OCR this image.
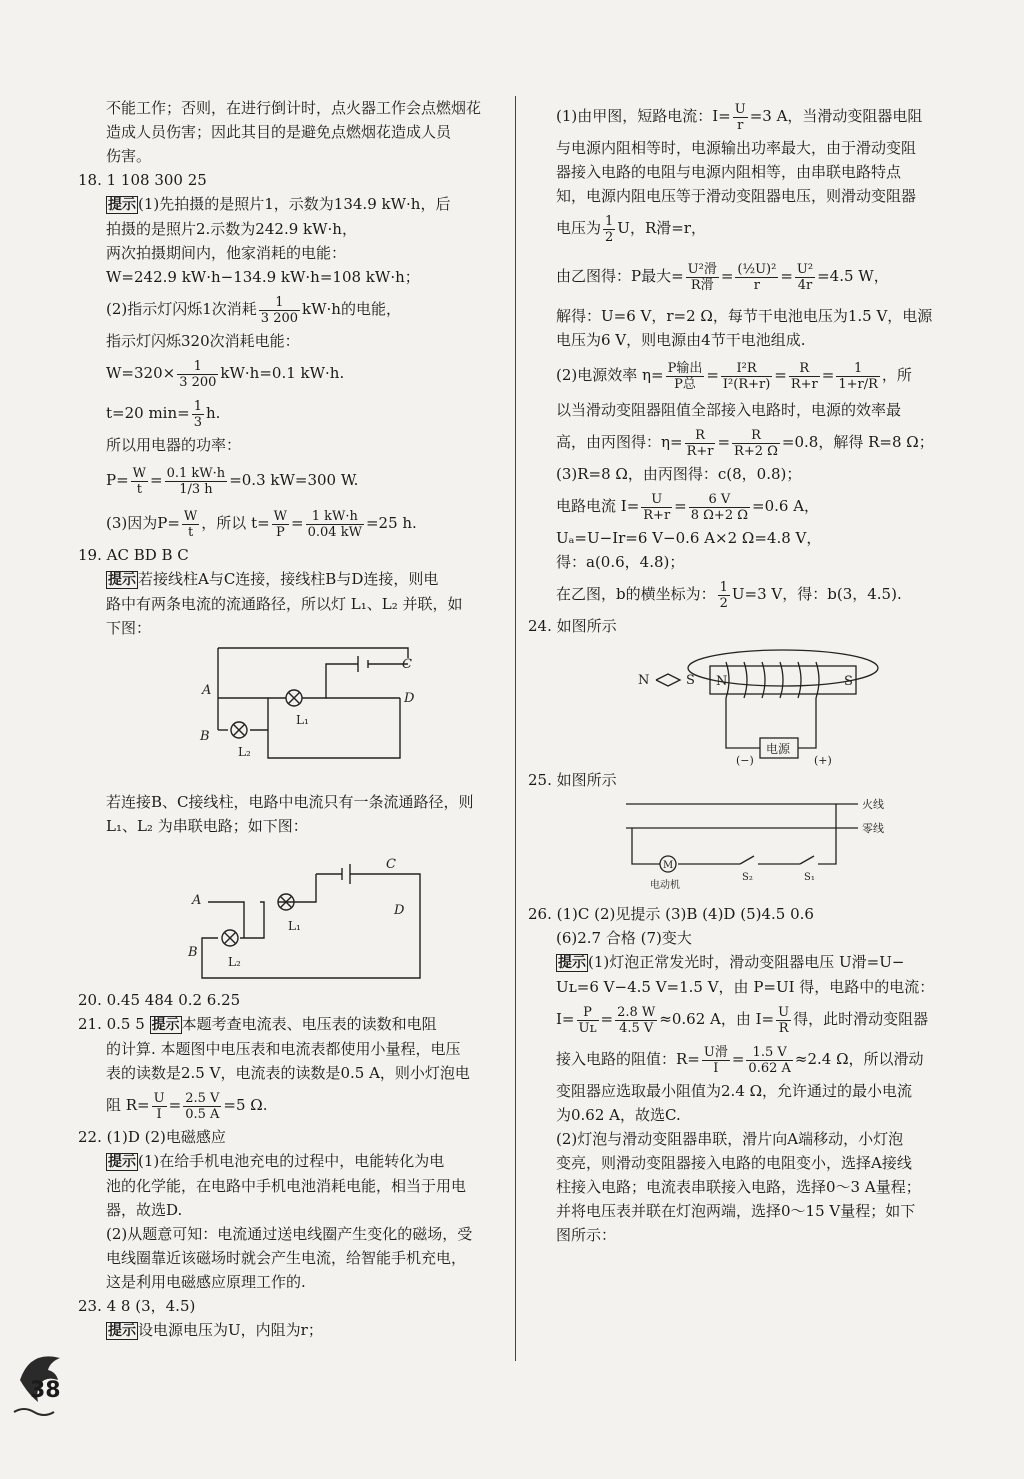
不能工作；否则，在进行倒计时，点火器工作会点燃烟花
造成人员伤害；因此其目的是避免点燃烟花造成人员
伤害。
18. 1 108 300 25
提示 (1)先拍摄的是照片1，示数为134.9 kW·h，后
拍摄的是照片2.示数为242.9 kW·h，
两次拍摄期间内，他家消耗的电能：
W=242.9 kW·h−134.9 kW·h=108 kW·h；
(2)指示灯闪烁1次消耗 $\frac{1}{3 200} kW\cdot h$的电能，
指示灯闪烁320次消耗电能：
$W=320\times \frac{1}{3 200} kW\cdot h=0.1$ kW·h.
t=20 $\min= \frac{1}{3} h$.
所以用电器的功率：
$P= \frac{W}{t} = \frac{0.1 kW\cdot h}{1/3 h} =0.3$ kW=300 W.
(3)因为$P= \frac{W}{t}$ ，所以 $t= \frac{W}{P} = \frac{1 kW\cdot h}{0.04 kW} =25$ h.
19. AC BD B C
提示 若接线柱A与C连接，接线柱B与D连接，则电
路中有两条电流的流通路径，所以灯 L₁、L₂ 并联，如
下图：
A
B
C
D
L₁
L₂
若连接B、C接线柱，电路中电流只有一条流通路径，则
L₁、L₂ 为串联电路；如下图：
A
B
C
D
L₁
L₂
20. 0.45 484 0.2 6.25
21. 0.5 5 提示 本题考查电流表、电压表的读数和电阻
的计算. 本题图中电压表和电流表都使用小量程，电压
表的读数是2.5 V，电流表的读数是0.5 A，则小灯泡电
阻 $R= \frac{U}{I} = \frac{2.5 V}{0.5 A} =5$ Ω.
22. (1)D (2)电磁感应
提示 (1)在给手机电池充电的过程中，电能转化为电
池的化学能，在电路中手机电池消耗电能，相当于用电
器，故选D.
(2)从题意可知：电流通过送电线圈产生变化的磁场，受
电线圈靠近该磁场时就会产生电流，给智能手机充电，
这是利用电磁感应原理工作的.
23. 4 8 (3，4.5)
提示 设电源电压为U，内阻为r；
(1)由甲图，短路电流：$I= \frac{U}{r} =3$ A，当滑动变阻器电阻
与电源内阻相等时，电源输出功率最大，由于滑动变阻
器接入电路的电阻与电源内阻相等，由串联电路特点
知，电源内阻电压等于滑动变阻器电压，则滑动变阻器
电压为 $\frac{1}{2}$ U，R滑=r，
由乙图得：P最大= U²滑
R滑 = $\frac{\text{(½U)²}}{r} = \frac{\text{U²}}{4r} =4.5$ W，
解得：U=6 V，r=2 Ω，每节干电池电压为1.5 V，电源
电压为6 V，则电源由4节干电池组成.
(2)电源效率 η= P输出
P总 = $\frac{\text{I²R}}{\text{I²(R+r)}} = \frac{R}{R+r} = \frac{1}{1+r/R}$ ，所
以当滑动变阻器阻值全部接入电路时，电源的效率最
高，由丙图得：$\eta= \frac{R}{R+r} = \frac{R}{R+2 \Omega} =0.8$，解得 R=8 Ω；
(3)R=8 Ω，由丙图得：c(8，0.8)；
电路电流 $I= \frac{U}{R+r} = \frac{6 V}{8 \Omega+2 \Omega} =0.6$ A，
Uₐ=U−Ir=6 V−0.6 A×2 Ω=4.8 V，
得：a(0.6，4.8)；
在乙图，b的横坐标为： $\frac{1}{2} U=3$ V，得：b(3，4.5).
24. 如图所示
N	S N	S
电源
(−)	(+)
25. 如图所示
火线
零线
M
电动机
S₁
S₂
26. (1)C (2)见提示 (3)B (4)D (5)4.5 0.6
(6)2.7 合格 (7)变大
提示 (1)灯泡正常发光时，滑动变阻器电压 U滑=U−
Uʟ=6 V−4.5 V=1.5 V，由 P=UI 得，电路中的电流：
$I= \frac{P}{\text{Uʟ}} = \frac{2.8 W}{4.5 V} \approx 0.62$ A，由 $I= \frac{U}{R}$ 得，此时滑动变阻器
接入电路的阻值：R= U滑
$I = \frac{1.5 V}{0.62 A} \approx 2.4$ Ω，所以滑动
变阻器应选取最小阻值为2.4 Ω，允许通过的最小电流
为0.62 A，故选C.
(2)灯泡与滑动变阻器串联，滑片向A端移动，小灯泡
变亮，则滑动变阻器接入电路的电阻变小，选择A接线
柱接入电路；电流表串联接入电路，选择0～3 A量程；
并将电压表并联在灯泡两端，选择0～15 V量程；如下
图所示：
38
